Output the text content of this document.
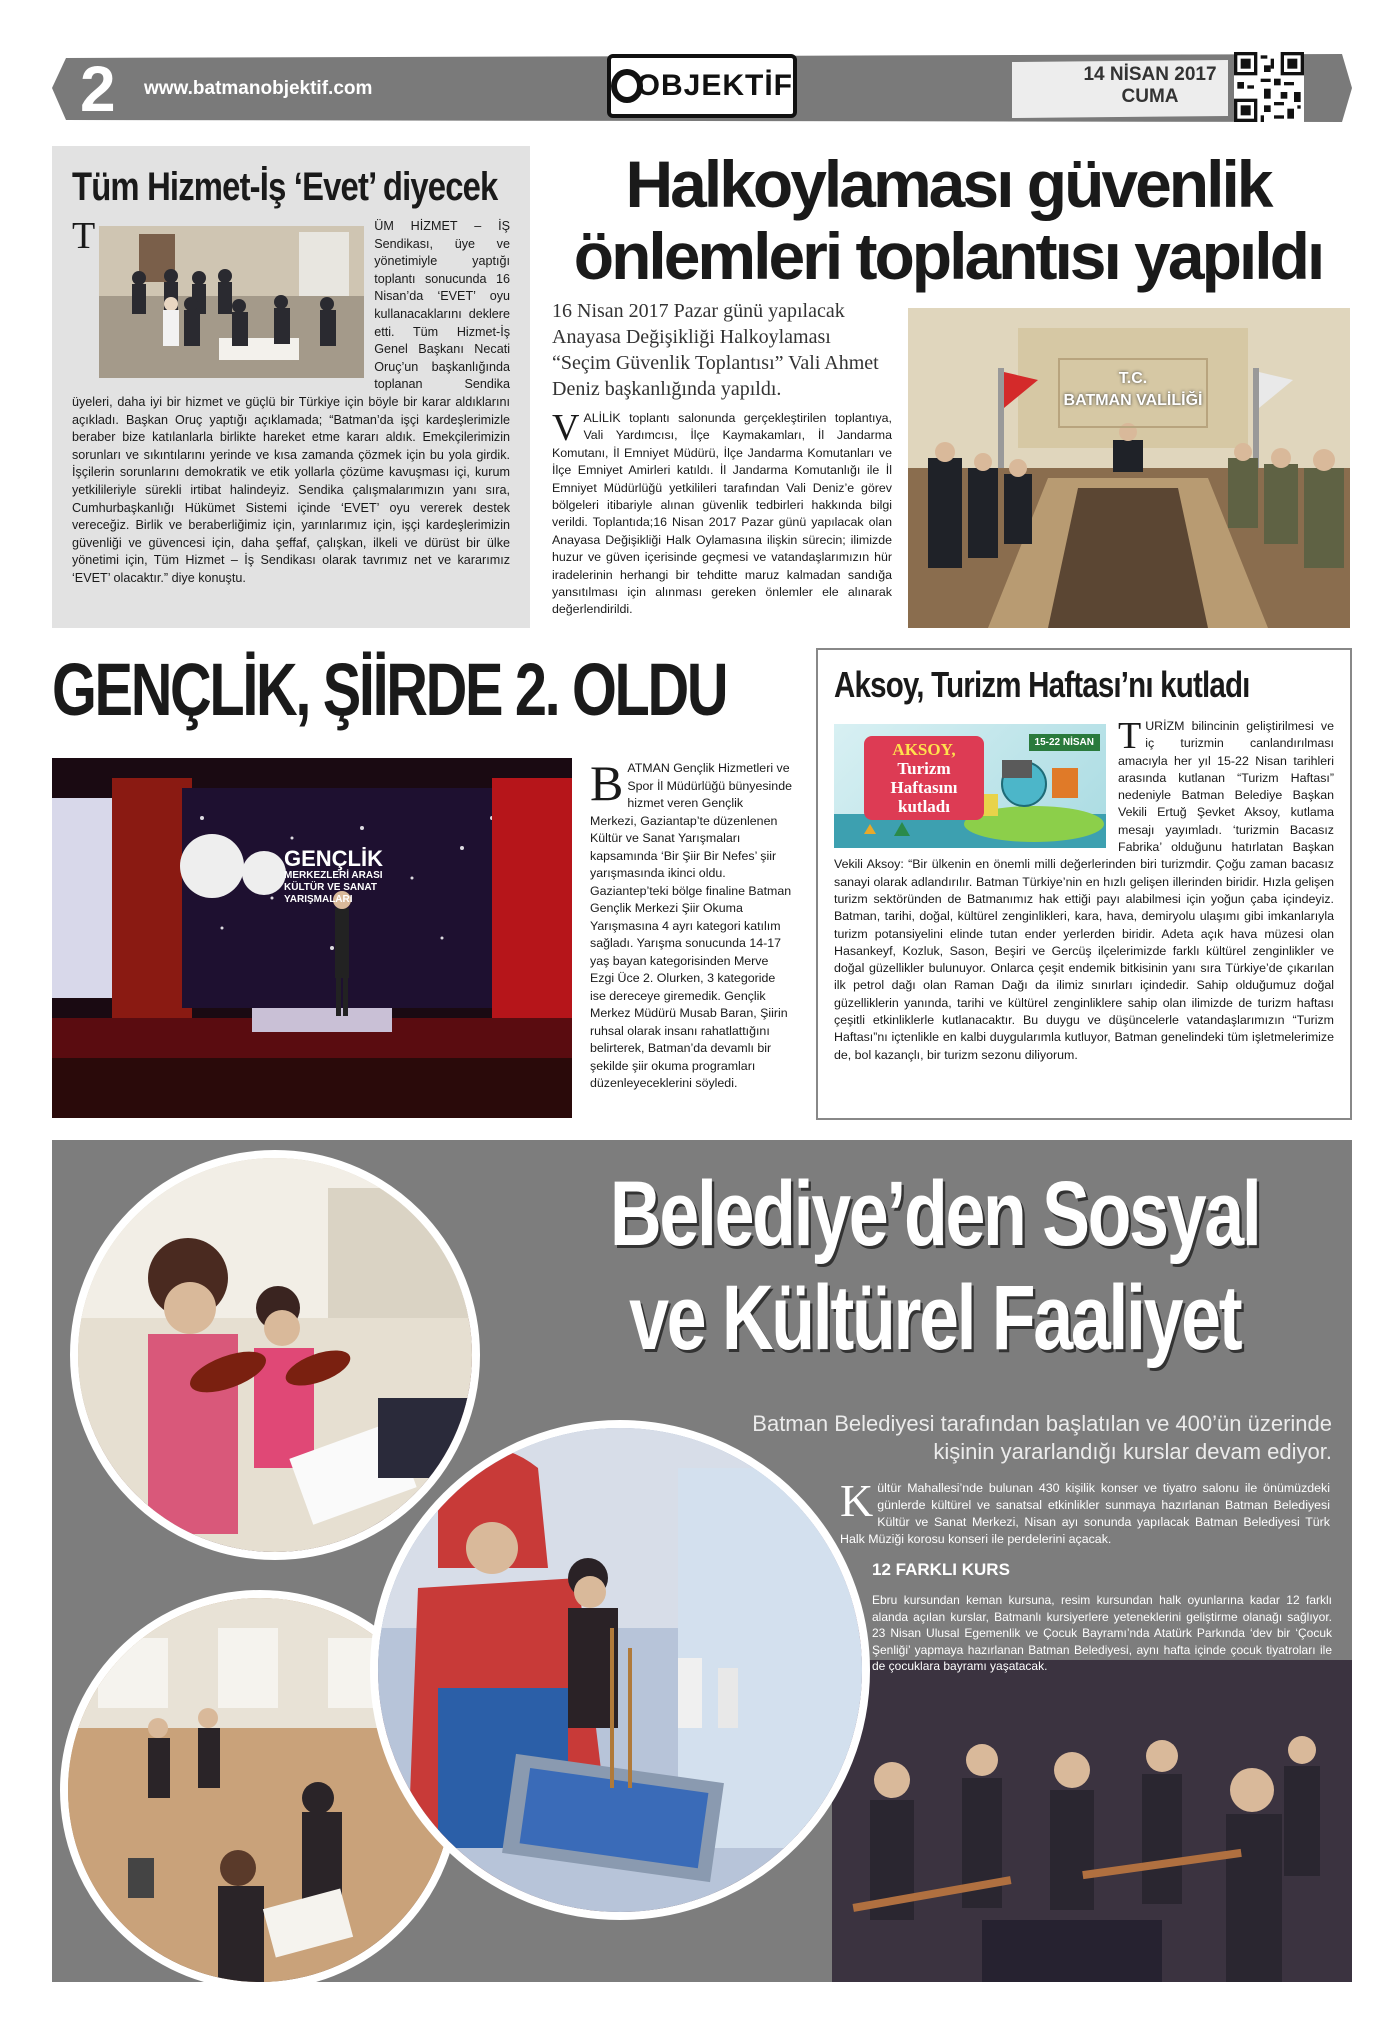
2 www.batmanobjektif.com	OBJEKTİF	14 NİSAN 2017
CUMA
Tüm Hizmet-İş ‘Evet’ diyecek
T	ÜM HİZMET – İŞ Sendikası, üye ve yönetimiyle yaptığı toplantı sonucunda 16 Nisan’da ‘EVET’ oyu kullanacaklarını deklere etti. Tüm Hizmet-İş Genel Başkanı Necati Oruç’un başkanlığında toplanan Sendika üyeleri, daha iyi bir hizmet ve güçlü bir Türkiye için böyle bir karar aldıklarını açıkladı. Başkan Oruç yaptığı açıklamada; “Batman’da işçi kardeşlerimizle beraber bize katılanlarla birlikte hareket etme kararı aldık. Emekçilerimizin sorunları ve sıkıntılarını yerinde ve kısa zamanda çözmek için bu yola girdik. İşçilerin sorunlarını demokratik ve etik yollarla çözüme kavuşması içi, kurum yetkilileriyle sürekli irtibat halindeyiz. Sendika çalışmalarımızın yanı sıra, Cumhurbaşkanlığı Hükümet Sistemi içinde ‘EVET’ oyu vererek destek vereceğiz. Birlik ve beraberliğimiz için, yarınlarımız için, işçi kardeşlerimizin güvenliği ve güvencesi için, daha şeffaf, çalışkan, ilkeli ve dürüst bir ülke yönetimi için, Tüm Hizmet – İş Sendikası olarak tavrımız net ve kararımız ‘EVET’ olacaktır.” diye konuştu.
Halkoylaması güvenlik
önlemleri toplantısı yapıldı
16 Nisan 2017 Pazar günü yapılacak Anayasa Değişikliği Halkoylaması “Seçim Güvenlik Toplantısı” Vali Ahmet Deniz başkanlığında yapıldı.
V ALİLİK toplantı salonunda gerçekleştirilen toplantıya, Vali Yardımcısı, İlçe Kaymakamları, İl Jandarma Komutanı, İl Emniyet Müdürü, İlçe Jandarma Komutanları ve İlçe Emniyet Amirleri katıldı. İl Jandarma Komutanlığı ile İl Emniyet Müdürlüğü yetkilileri tarafından Vali Deniz’e görev bölgeleri itibariyle alınan güvenlik tedbirleri hakkında bilgi verildi. Toplantıda;16 Nisan 2017 Pazar günü yapılacak olan Anayasa Değişikliği Halk Oylamasına ilişkin sürecin; ilimizde huzur ve güven içerisinde geçmesi ve vatandaşlarımızın hür iradelerinin herhangi bir tehditte maruz kalmadan sandığa yansıtılması için alınması gereken önlemler ele alınarak değerlendirildi.
T.C.
BATMAN VALİLİĞİ
GENÇLİK, ŞİİRDE 2. OLDU
GENÇLİK
MERKEZLERİ ARASI
KÜLTÜR VE SANAT
YARIŞMALARI
B ATMAN Gençlik Hizmetleri ve Spor İl Müdürlüğü bünyesinde hizmet veren Gençlik Merkezi, Gaziantap’te düzenlenen Kültür ve Sanat Yarışmaları kapsamında ‘Bir Şiir Bir Nefes’ şiir yarışmasında ikinci oldu. Gaziantep’teki bölge finaline Batman Gençlik Merkezi Şiir Okuma Yarışmasına 4 ayrı kategori katılım sağladı. Yarışma sonucunda 14-17 yaş bayan kategorisinden Merve Ezgi Üce 2. Olurken, 3 kategoride ise dereceye giremedik. Gençlik Merkez Müdürü Musab Baran, Şiirin ruhsal olarak insanı rahatlattığını belirterek, Batman’da devamlı bir şekilde şiir okuma programları düzenleyeceklerini söyledi.
Aksoy, Turizm Haftası’nı kutladı
AKSOY,
Turizm Haftasını
kutladı
15-22 NİSAN T URİZM bilincinin geliştirilmesi ve iç turizmin canlandırılması amacıyla her yıl 15-22 Nisan tarihleri arasında kutlanan “Turizm Haftası” nedeniyle Batman Belediye Başkan Vekili Ertuğ Şevket Aksoy, kutlama mesajı yayımladı. ‘turizmin Bacasız Fabrika’ olduğunu hatırlatan Başkan Vekili Aksoy: “Bir ülkenin en önemli milli değerlerinden biri turizmdir. Çoğu zaman bacasız sanayi olarak adlandırılır. Batman Türkiye’nin en hızlı gelişen illerinden biridir. Hızla gelişen turizm sektöründen de Batmanımız hak ettiği payı alabilmesi için yoğun çaba içindeyiz. Batman, tarihi, doğal, kültürel zenginlikleri, kara, hava, demiryolu ulaşımı gibi imkanlarıyla turizm potansiyelini elinde tutan ender yerlerden biridir. Adeta açık hava müzesi olan Hasankeyf, Kozluk, Sason, Beşiri ve Gercüş ilçelerimizde farklı kültürel zenginlikler ve doğal güzellikler bulunuyor. Onlarca çeşit endemik bitkisinin yanı sıra Türkiye’de çıkarılan ilk petrol dağı olan Raman Dağı da ilimiz sınırları içindedir. Sahip olduğumuz doğal güzelliklerin yanında, tarihi ve kültürel zenginliklere sahip olan ilimizde de turizm haftası çeşitli etkinliklerle kutlanacaktır. Bu duygu ve düşüncelerle vatandaşlarımızın “Turizm Haftası”nı içtenlikle en kalbi duygularımla kutluyor, Batman genelindeki tüm işletmelerimize de, bol kazançlı, bir turizm sezonu diliyorum.
Belediye’den Sosyal
ve Kültürel Faaliyet
Batman Belediyesi tarafından başlatılan ve 400’ün üzerinde kişinin yararlandığı kurslar devam ediyor.
K ültür Mahallesi’nde bulunan 430 kişilik konser ve tiyatro salonu ile önümüzdeki günlerde kültürel ve sanatsal etkinlikler sunmaya hazırlanan Batman Belediyesi Kültür ve Sanat Merkezi, Nisan ayı sonunda yapılacak Batman Belediyesi Türk Halk Müziği korosu konseri ile perdelerini açacak.
12 FARKLI KURS
Ebru kursundan keman kursuna, resim kursundan halk oyunlarına kadar 12 farklı alanda açılan kurslar, Batmanlı kursiyerlere yeteneklerini geliştirme olanağı sağlıyor. 23 Nisan Ulusal Egemenlik ve Çocuk Bayramı’nda Atatürk Parkında ‘dev bir ‘Çocuk Şenliği’ yapmaya hazırlanan Batman Belediyesi, aynı hafta içinde çocuk tiyatroları ile de çocuklara bayramı yaşatacak.
